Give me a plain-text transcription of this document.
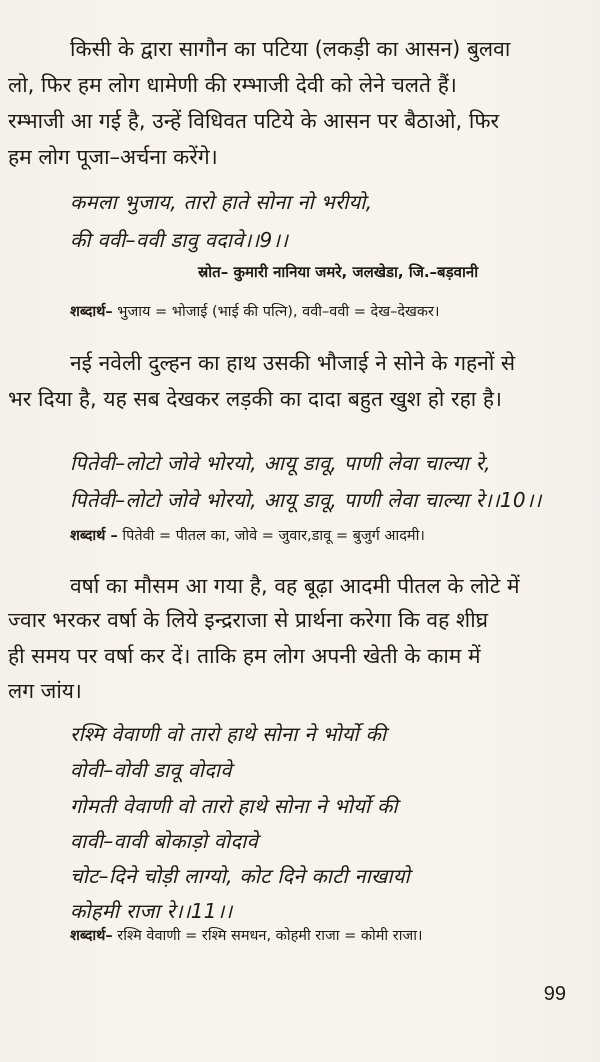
किसी के द्वारा सागौन का पटिया (लकड़ी का आसन) बुलवा
लो, फिर हम लोग धामेणी की रम्भाजी देवी को लेने चलते हैं।
रम्भाजी आ गई है, उन्हें विधिवत पटिये के आसन पर बैठाओ, फिर
हम लोग पूजा–अर्चना करेंगे।
कमला भुजाय, तारो हाते सोना नो भरीयो,
की ववी–ववी डावु वदावे।।9।।
स्रोत– कुमारी नानिया जमरे, जलखेडा, जि.–बड़वानी
शब्दार्थ– भुजाय = भोजाई (भाई की पत्नि), ववी–ववी = देख–देखकर।
नई नवेली दुल्हन का हाथ उसकी भौजाई ने सोने के गहनों से
भर दिया है, यह सब देखकर लड़की का दादा बहुत खुश हो रहा है।
पितेवी–लोटो जोवे भोरयो, आयू डावू, पाणी लेवा चाल्या रे,
पितेवी–लोटो जोवे भोरयो, आयू डावू, पाणी लेवा चाल्या रे।।10।।
शब्दार्थ – पितेवी = पीतल का, जोवे = जुवार,डावू = बुजुर्ग आदमी।
वर्षा का मौसम आ गया है, वह बूढ़ा आदमी पीतल के लोटे में
ज्वार भरकर वर्षा के लिये इन्द्रराजा से प्रार्थना करेगा कि वह शीघ्र
ही समय पर वर्षा कर दें। ताकि हम लोग अपनी खेती के काम में
लग जांय।
रश्मि वेवाणी वो तारो हाथे सोना ने भोर्यो की
वोवी–वोवी डावू वोदावे
गोमती वेवाणी वो तारो हाथे सोना ने भोर्यो की
वावी–वावी बोकाड़ो वोदावे
चोट–दिने चोड़ी लाग्यो, कोट दिने काटी नाखायो
कोहमी राजा रे।।11।।
शब्दार्थ– रश्मि वेवाणी = रश्मि समधन, कोहमी राजा = कोमी राजा।
99
